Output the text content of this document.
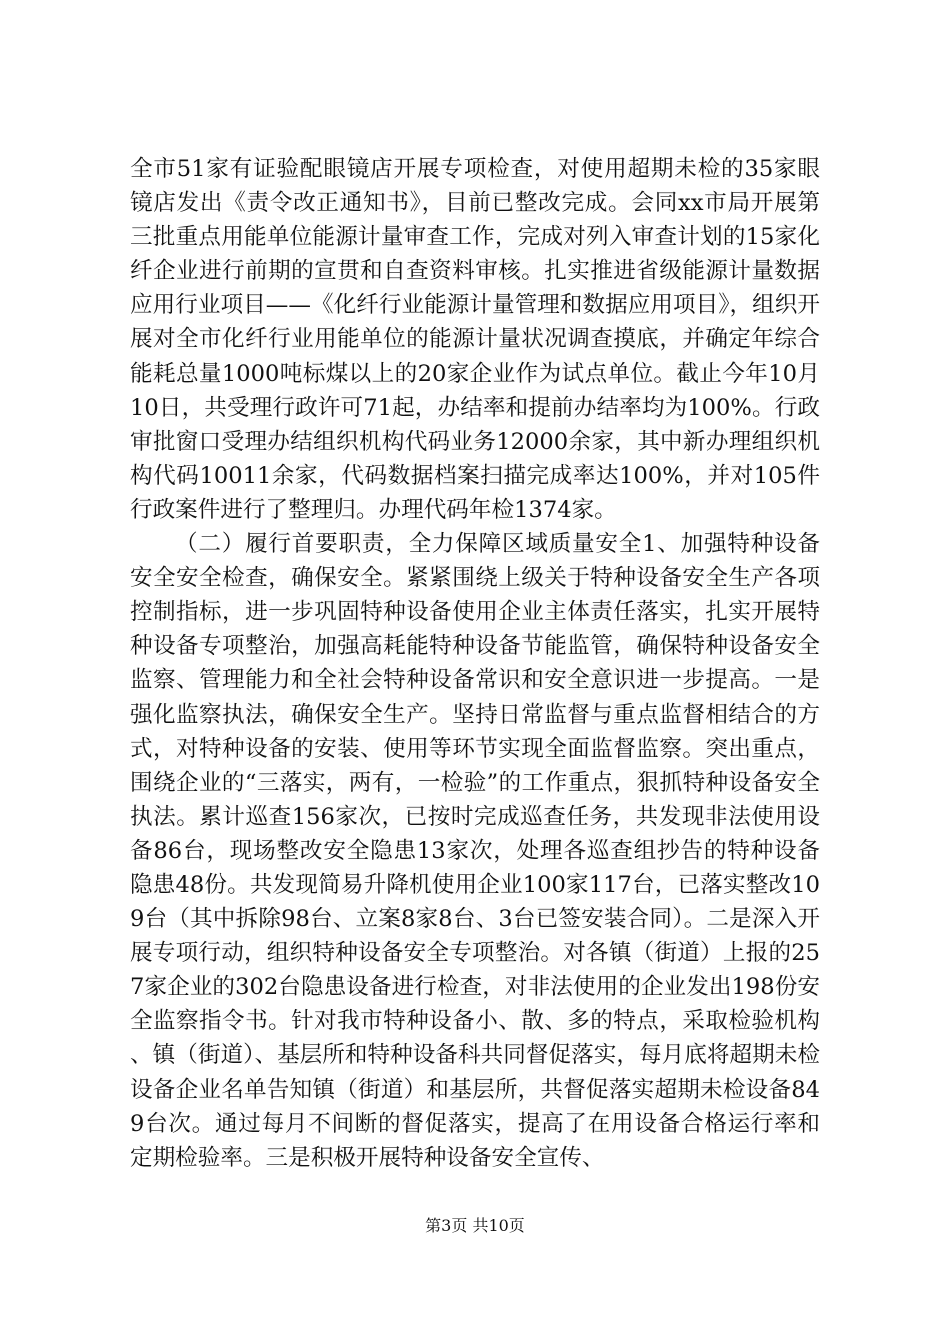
全市51家有证验配眼镜店开展专项检查，对使用超期未检的35家眼镜店发出《责令改正通知书》，目前已整改完成。会同xx市局开展第三批重点用能单位能源计量审查工作，完成对列入审查计划的15家化纤企业进行前期的宣贯和自查资料审核。扎实推进省级能源计量数据应用行业项目——《化纤行业能源计量管理和数据应用项目》，组织开展对全市化纤行业用能单位的能源计量状况调查摸底，并确定年综合能耗总量1000吨标煤以上的20家企业作为试点单位。截止今年10月10日，共受理行政许可71起，办结率和提前办结率均为100%。行政审批窗口受理办结组织机构代码业务12000余家，其中新办理组织机构代码10011余家，代码数据档案扫描完成率达100%，并对105件行政案件进行了整理归。办理代码年检1374家。

（二）履行首要职责，全力保障区域质量安全1、加强特种设备安全安全检查，确保安全。紧紧围绕上级关于特种设备安全生产各项控制指标，进一步巩固特种设备使用企业主体责任落实，扎实开展特种设备专项整治，加强高耗能特种设备节能监管，确保特种设备安全监察、管理能力和全社会特种设备常识和安全意识进一步提高。一是强化监察执法，确保安全生产。坚持日常监督与重点监督相结合的方式，对特种设备的安装、使用等环节实现全面监督监察。突出重点，围绕企业的“三落实，两有，一检验”的工作重点，狠抓特种设备安全执法。累计巡查156家次，已按时完成巡查任务，共发现非法使用设备86台，现场整改安全隐患13家次，处理各巡查组抄告的特种设备隐患48份。共发现简易升降机使用企业100家117台，已落实整改109台（其中拆除98台、立案8家8台、3台已签安装合同）。二是深入开展专项行动，组织特种设备安全专项整治。对各镇（街道）上报的257家企业的302台隐患设备进行检查，对非法使用的企业发出198份安全监察指令书。针对我市特种设备小、散、多的特点，采取检验机构、镇（街道）、基层所和特种设备科共同督促落实，每月底将超期未检设备企业名单告知镇（街道）和基层所，共督促落实超期未检设备849台次。通过每月不间断的督促落实，提高了在用设备合格运行率和定期检验率。三是积极开展特种设备安全宣传、

第3页 共10页
